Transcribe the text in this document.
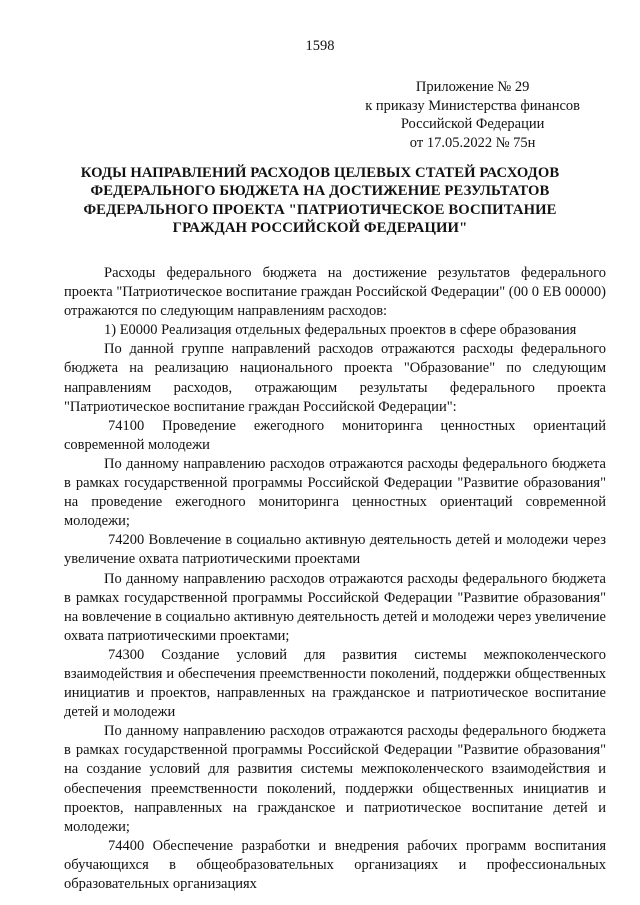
1598
Приложение № 29
к приказу Министерства финансов
Российской Федерации
от 17.05.2022 № 75н
КОДЫ НАПРАВЛЕНИЙ РАСХОДОВ ЦЕЛЕВЫХ СТАТЕЙ РАСХОДОВ ФЕДЕРАЛЬНОГО БЮДЖЕТА НА ДОСТИЖЕНИЕ РЕЗУЛЬТАТОВ ФЕДЕРАЛЬНОГО ПРОЕКТА "ПАТРИОТИЧЕСКОЕ ВОСПИТАНИЕ ГРАЖДАН РОССИЙСКОЙ ФЕДЕРАЦИИ"

Расходы федерального бюджета на достижение результатов федерального проекта "Патриотическое воспитание граждан Российской Федерации" (00 0 ЕВ 00000) отражаются по следующим направлениям расходов:

1) Е0000 Реализация отдельных федеральных проектов в сфере образования

По данной группе направлений расходов отражаются расходы федерального бюджета на реализацию национального проекта "Образование" по следующим направлениям расходов, отражающим результаты федерального проекта "Патриотическое воспитание граждан Российской Федерации":

74100 Проведение ежегодного мониторинга ценностных ориентаций современной молодежи

По данному направлению расходов отражаются расходы федерального бюджета в рамках государственной программы Российской Федерации "Развитие образования" на проведение ежегодного мониторинга ценностных ориентаций современной молодежи;

74200 Вовлечение в социально активную деятельность детей и молодежи через увеличение охвата патриотическими проектами

По данному направлению расходов отражаются расходы федерального бюджета в рамках государственной программы Российской Федерации "Развитие образования" на вовлечение в социально активную деятельность детей и молодежи через увеличение охвата патриотическими проектами;

74300 Создание условий для развития системы межпоколенческого взаимодействия и обеспечения преемственности поколений, поддержки общественных инициатив и проектов, направленных на гражданское и патриотическое воспитание детей и молодежи

По данному направлению расходов отражаются расходы федерального бюджета в рамках государственной программы Российской Федерации "Развитие образования" на создание условий для развития системы межпоколенческого взаимодействия и обеспечения преемственности поколений, поддержки общественных инициатив и проектов, направленных на гражданское и патриотическое воспитание детей и молодежи;

74400 Обеспечение разработки и внедрения рабочих программ воспитания обучающихся в общеобразовательных организациях и профессиональных образовательных организациях
